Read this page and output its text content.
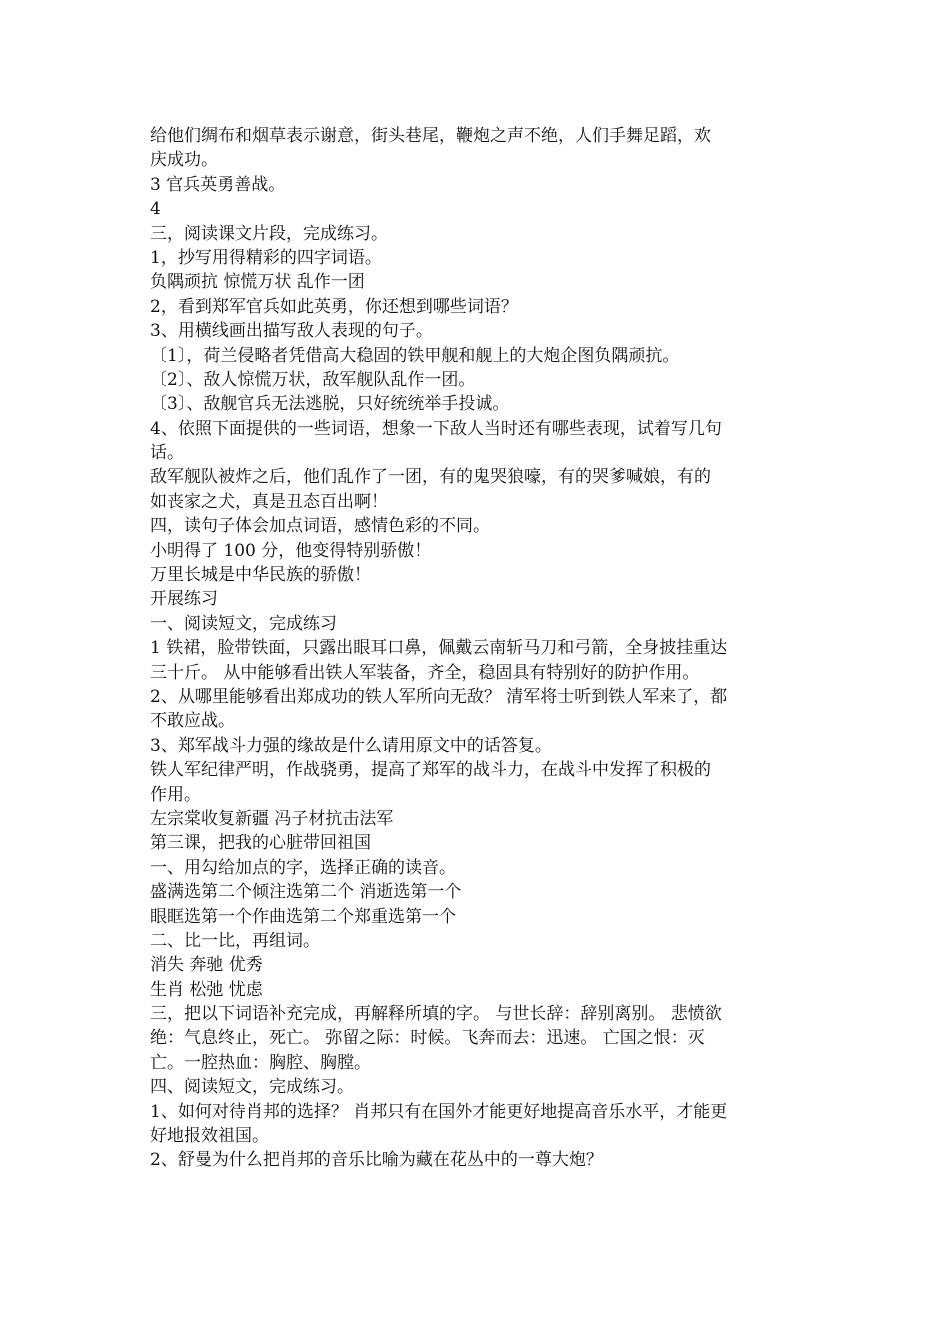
给他们绸布和烟草表示谢意，街头巷尾，鞭炮之声不绝，人们手舞足蹈，欢
庆成功。
3 官兵英勇善战。
4
三，阅读课文片段，完成练习。
1，抄写用得精彩的四字词语。
负隅顽抗 惊慌万状 乱作一团
2，看到郑军官兵如此英勇，你还想到哪些词语？
3、用横线画出描写敌人表现的句子。
〔1〕，荷兰侵略者凭借高大稳固的铁甲舰和舰上的大炮企图负隅顽抗。
〔2〕、敌人惊慌万状，敌军舰队乱作一团。
〔3〕、敌舰官兵无法逃脱，只好统统举手投诚。
4、依照下面提供的一些词语，想象一下敌人当时还有哪些表现，试着写几句
话。
敌军舰队被炸之后，他们乱作了一团，有的鬼哭狼嚎，有的哭爹喊娘，有的
如丧家之犬，真是丑态百出啊！
四，读句子体会加点词语，感情色彩的不同。
小明得了 100 分，他变得特别骄傲！
万里长城是中华民族的骄傲！
开展练习
一、阅读短文，完成练习
1 铁裙，脸带铁面，只露出眼耳口鼻，佩戴云南斩马刀和弓箭，全身披挂重达
三十斤。 从中能够看出铁人军装备，齐全，稳固具有特别好的防护作用。
2、从哪里能够看出郑成功的铁人军所向无敌？ 清军将士听到铁人军来了，都
不敢应战。
3、郑军战斗力强的缘故是什么请用原文中的话答复。
铁人军纪律严明，作战骁勇，提高了郑军的战斗力，在战斗中发挥了积极的
作用。
左宗棠收复新疆 冯子材抗击法军
第三课，把我的心脏带回祖国
一、用勾给加点的字，选择正确的读音。
盛满选第二个倾注选第二个 消逝选第一个
眼眶选第一个作曲选第二个郑重选第一个
二、比一比，再组词。
消失 奔驰 优秀
生肖 松弛 忧虑
三，把以下词语补充完成，再解释所填的字。 与世长辞：辞别离别。 悲愤欲
绝：气息终止，死亡。 弥留之际：时候。飞奔而去：迅速。 亡国之恨：灭
亡。一腔热血：胸腔、胸膛。
四、阅读短文，完成练习。
1、如何对待肖邦的选择？ 肖邦只有在国外才能更好地提高音乐水平，才能更
好地报效祖国。
2、舒曼为什么把肖邦的音乐比喻为藏在花丛中的一尊大炮？
